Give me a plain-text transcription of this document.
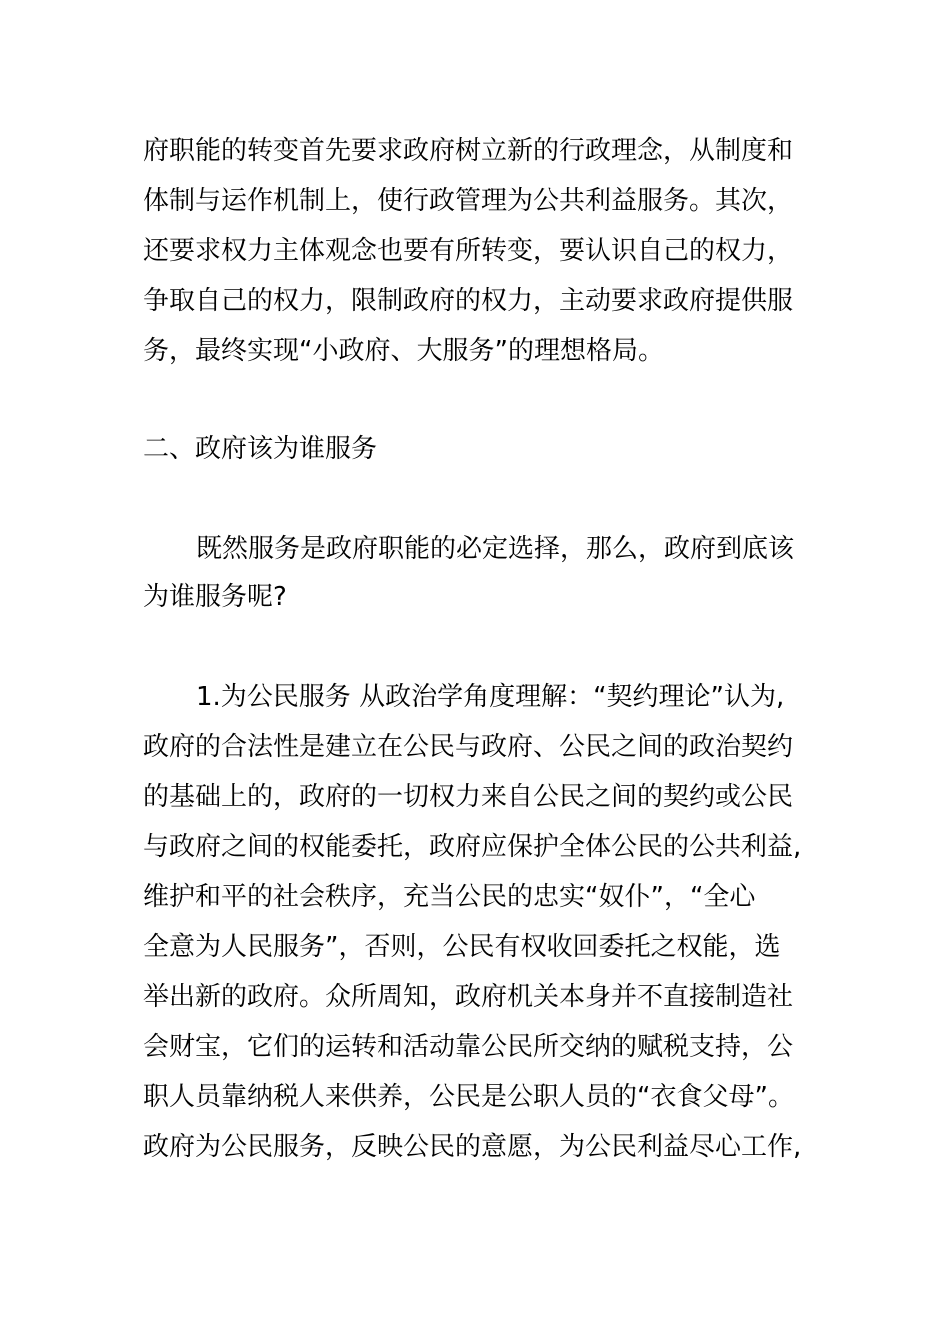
府职能的转变首先要求政府树立新的行政理念，从制度和
体制与运作机制上，使行政管理为公共利益服务。其次，
还要求权力主体观念也要有所转变，要认识自己的权力，
争取自己的权力，限制政府的权力，主动要求政府提供服
务，最终实现“小政府、大服务”的理想格局。
二、政府该为谁服务
既然服务是政府职能的必定选择，那么，政府到底该
为谁服务呢?
1.为公民服务 从政治学角度理解：“契约理论”认为,
政府的合法性是建立在公民与政府、公民之间的政治契约
的基础上的，政府的一切权力来自公民之间的契约或公民
与政府之间的权能委托，政府应保护全体公民的公共利益,
维护和平的社会秩序，充当公民的忠实“奴仆”，“全心
全意为人民服务”，否则，公民有权收回委托之权能，选
举出新的政府。众所周知，政府机关本身并不直接制造社
会财宝，它们的运转和活动靠公民所交纳的赋税支持，公
职人员靠纳税人来供养，公民是公职人员的“衣食父母”。
政府为公民服务，反映公民的意愿，为公民利益尽心工作,
